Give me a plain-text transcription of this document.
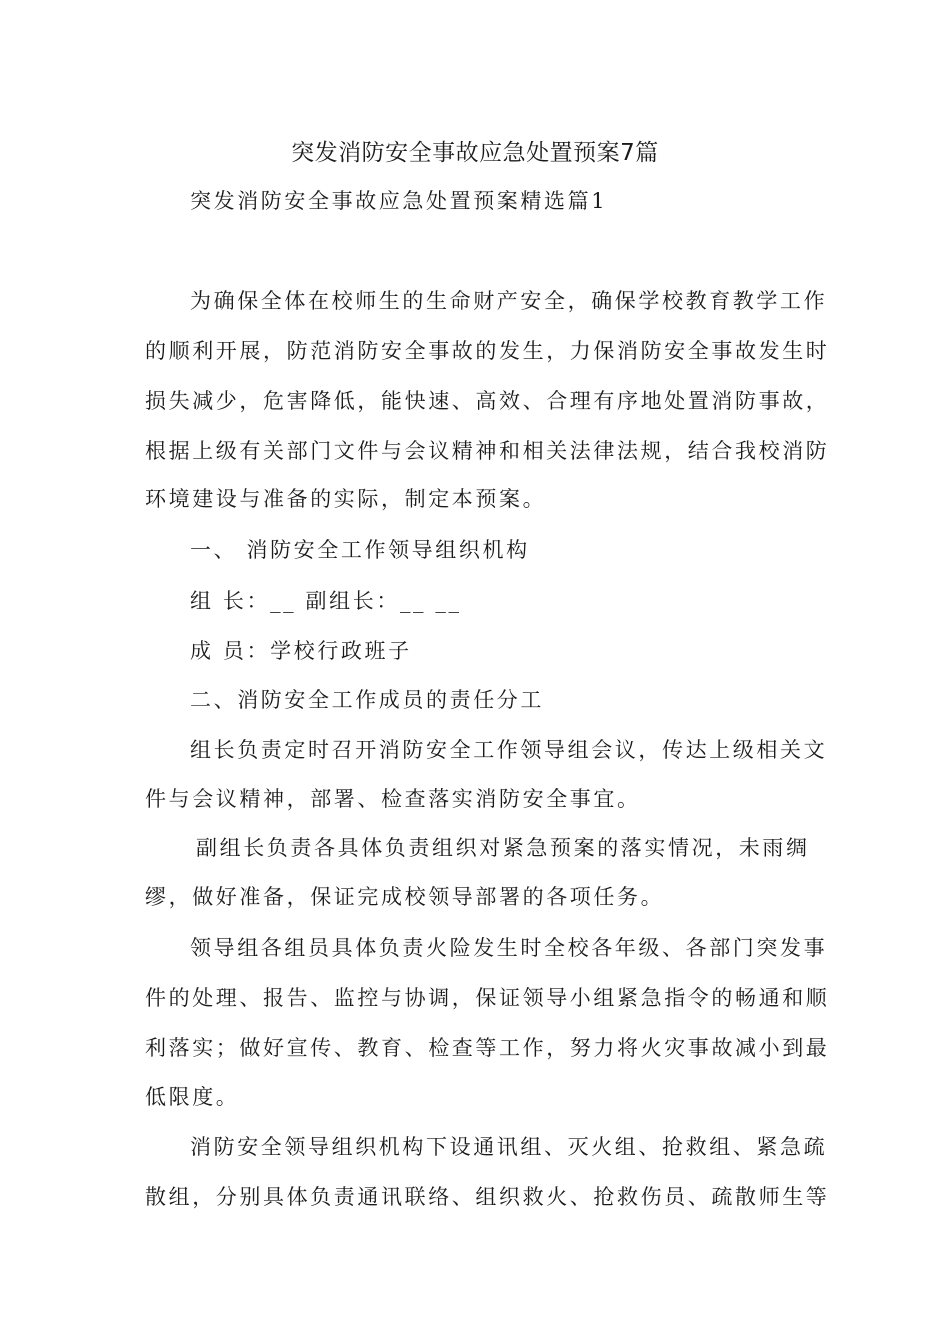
突发消防安全事故应急处置预案7篇
突发消防安全事故应急处置预案精选篇1
为确保全体在校师生的生命财产安全，确保学校教育教学工作
的顺利开展，防范消防安全事故的发生，力保消防安全事故发生时
损失减少，危害降低，能快速、高效、合理有序地处置消防事故，
根据上级有关部门文件与会议精神和相关法律法规，结合我校消防
环境建设与准备的实际，制定本预案。
一、 消防安全工作领导组织机构
组 长：__ 副组长：__ __
成 员：学校行政班子
二、消防安全工作成员的责任分工
组长负责定时召开消防安全工作领导组会议，传达上级相关文
件与会议精神，部署、检查落实消防安全事宜。
副组长负责各具体负责组织对紧急预案的落实情况，未雨绸
缪，做好准备，保证完成校领导部署的各项任务。
领导组各组员具体负责火险发生时全校各年级、各部门突发事
件的处理、报告、监控与协调，保证领导小组紧急指令的畅通和顺
利落实；做好宣传、教育、检查等工作，努力将火灾事故减小到最
低限度。
消防安全领导组织机构下设通讯组、灭火组、抢救组、紧急疏
散组，分别具体负责通讯联络、组织救火、抢救伤员、疏散师生等
